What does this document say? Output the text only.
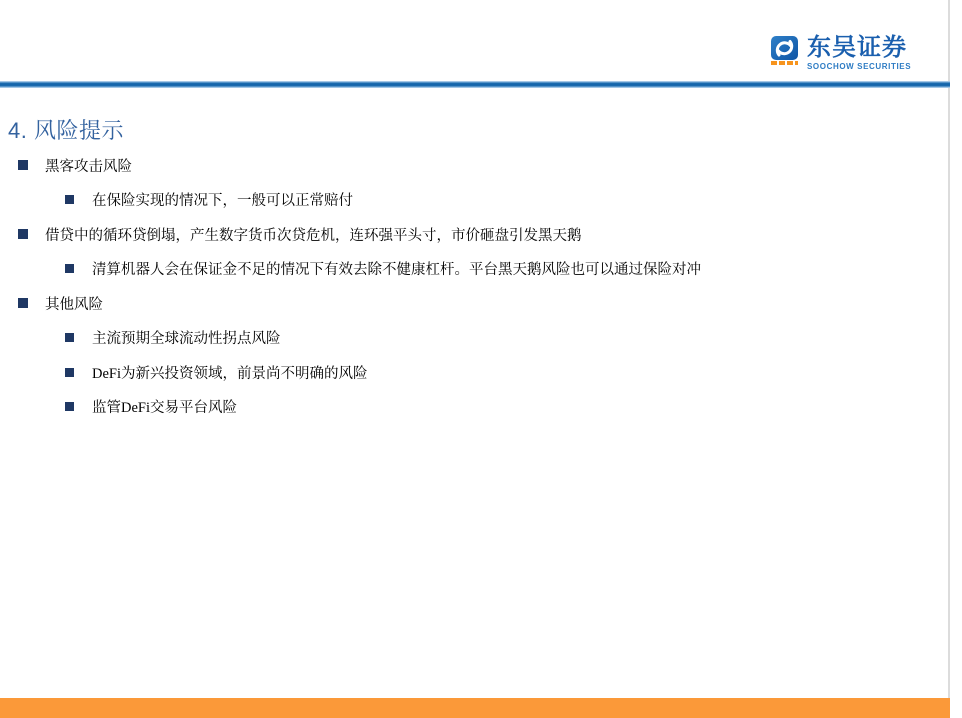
东吴证券
SOOCHOW SECURITIES
4. 风险提示
黑客攻击风险
在保险实现的情况下，一般可以正常赔付
借贷中的循环贷倒塌，产生数字货币次贷危机，连环强平头寸，市价砸盘引发黑天鹅
清算机器人会在保证金不足的情况下有效去除不健康杠杆。平台黑天鹅风险也可以通过保险对冲
其他风险
主流预期全球流动性拐点风险
DeFi为新兴投资领域，前景尚不明确的风险
监管DeFi交易平台风险
